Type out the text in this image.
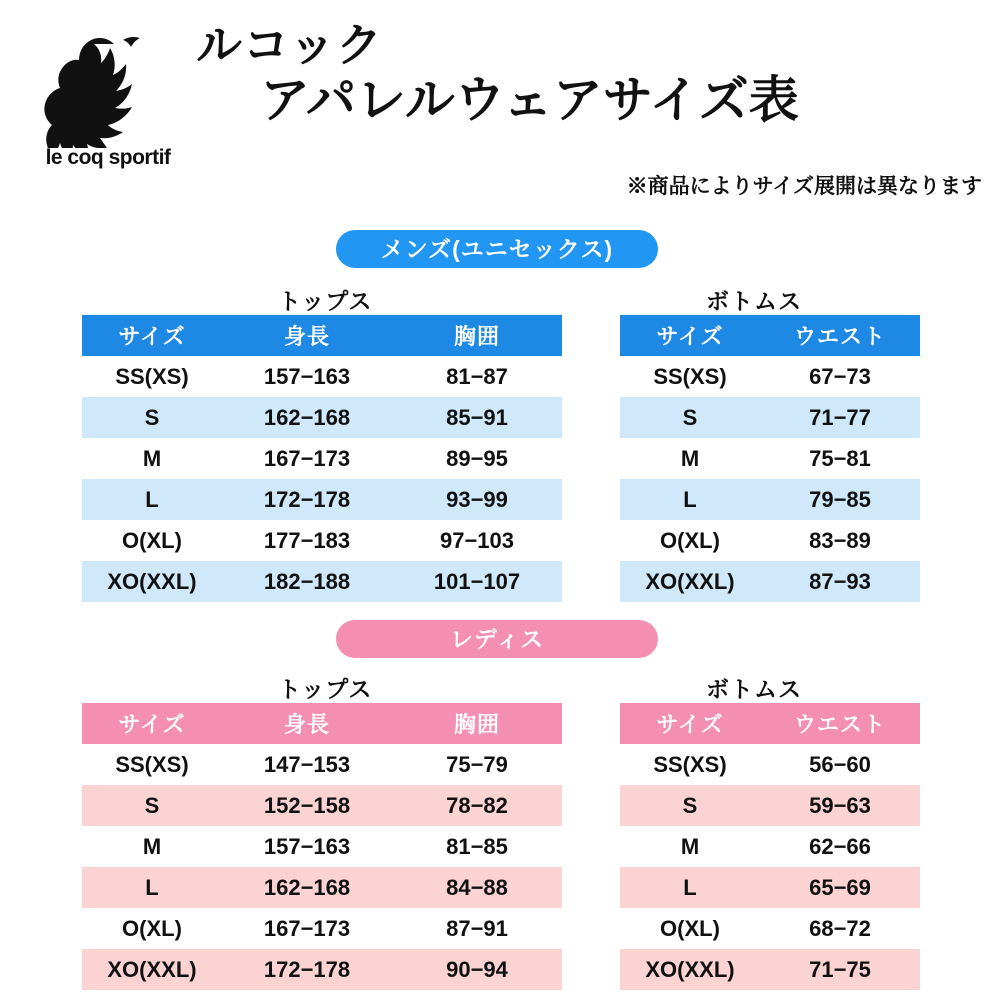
le coq sportif
ルコック
アパレルウェアサイズ表
※商品によりサイズ展開は異なります
メンズ(ユニセックス)
トップス
サイズ	身長	胸囲
SS(XS)	157−163	81−87
S	162−168	85−91
M	167−173	89−95
L	172−178	93−99
O(XL)	177−183	97−103
XO(XXL)	182−188	101−107
ボトムス
サイズ	ウエスト
SS(XS)	67−73
S	71−77
M	75−81
L	79−85
O(XL)	83−89
XO(XXL)	87−93
レディス
トップス
サイズ	身長	胸囲
SS(XS)	147−153	75−79
S	152−158	78−82
M	157−163	81−85
L	162−168	84−88
O(XL)	167−173	87−91
XO(XXL)	172−178	90−94
ボトムス
サイズ	ウエスト
SS(XS)	56−60
S	59−63
M	62−66
L	65−69
O(XL)	68−72
XO(XXL)	71−75
